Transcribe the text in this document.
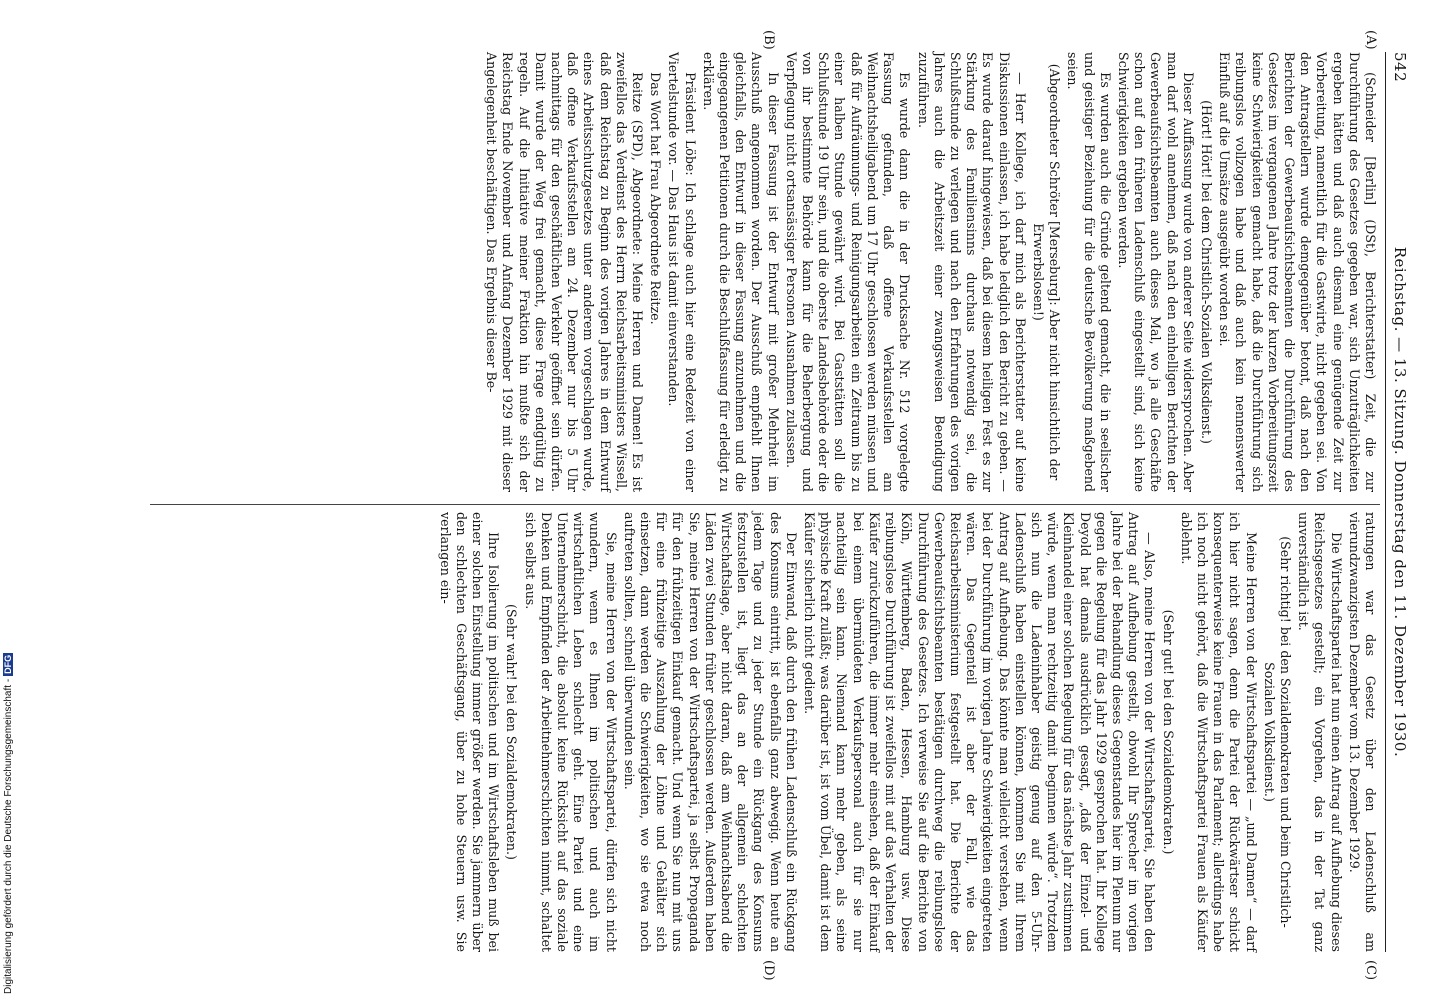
542
Reichstag. — 13. Sitzung. Donnerstag den 11. Dezember 1930.
(A)
(B)
(C)
(D)

(Schneider [Berlin] (DSt), Berichterstatter) Zeit, die zur Durchführung des Gesetzes gegeben war, sich Unzuträglichkeiten ergeben hätten und daß auch diesmal eine genügende Zeit zur Vorbereitung, namentlich für die Gastwirte, nicht gegeben sei. Von den Antragstellern wurde demgegenüber betont, daß nach den Berichten der Gewerbeaufsichtsbeamten die Durchführung des Gesetzes im vergangenen Jahre trotz der kurzen Vorbereitungszeit keine Schwierigkeiten gemacht habe, daß die Durchführung sich reibungslos vollzogen habe und daß auch kein nennenswerter Einfluß auf die Umsätze ausgeübt worden sei.

(Hört! Hört! bei dem Christlich-Sozialen Volksdienst.)

Dieser Auffassung wurde von anderer Seite widersprochen. Aber man darf wohl annehmen, daß nach den einhelligen Berichten der Gewerbeaufsichtsbeamten auch dieses Mal, wo ja alle Geschäfte schon auf den früheren Ladenschluß eingestellt sind, sich keine Schwierigkeiten ergeben werden.

Es wurden auch die Gründe geltend gemacht, die in seelischer und geistiger Beziehung für die deutsche Bevölkerung maßgebend seien.

(Abgeordneter Schröter [Merseburg]: Aber nicht hinsichtlich der Erwerbslosen!)

— Herr Kollege, ich darf mich als Berichterstatter auf keine Diskussionen einlassen, ich habe lediglich den Bericht zu geben. — Es wurde darauf hingewiesen, daß bei diesem heiligen Fest es zur Stärkung des Familiensinns durchaus notwendig sei, die Schlußstunde zu verlegen und nach den Erfahrungen des vorigen Jahres auch die Arbeitszeit einer zwangsweisen Beendigung zuzuführen.

Es wurde dann die in der Drucksache Nr. 512 vorgelegte Fassung gefunden, daß offene Verkaufsstellen am Weihnachtsheiligabend um 17 Uhr geschlossen werden müssen und daß für Aufräumungs- und Reinigungsarbeiten ein Zeitraum bis zu einer halben Stunde gewährt wird. Bei Gaststätten soll die Schlußstunde 19 Uhr sein, und die oberste Landesbehörde oder die von ihr bestimmte Behörde kann für die Beherbergung und Verpflegung nicht ortsansässiger Personen Ausnahmen zulassen.

In dieser Fassung ist der Entwurf mit großer Mehrheit im Ausschuß angenommen worden. Der Ausschuß empfiehlt Ihnen gleichfalls, den Entwurf in dieser Fassung anzunehmen und die eingegangenen Petitionen durch die Beschlußfassung für erledigt zu erklären.

Präsident Löbe: Ich schlage auch hier eine Redezeit von einer Viertelstunde vor. — Das Haus ist damit einverstanden.

Das Wort hat Frau Abgeordnete Reitze.

Reitze (SPD), Abgeordnete: Meine Herren und Damen! Es ist zweifellos das Verdienst des Herrn Reichsarbeitsministers Wissell, daß dem Reichstag zu Beginn des vorigen Jahres in dem Entwurf eines Arbeitsschutzgesetzes unter anderem vorgeschlagen wurde, daß offene Verkaufsstellen am 24. Dezember nur bis 5 Uhr nachmittags für den geschäftlichen Verkehr geöffnet sein dürfen. Damit wurde der Weg frei gemacht, diese Frage endgültig zu regeln. Auf die Initiative meiner Fraktion hin mußte sich der Reichstag Ende November und Anfang Dezember 1929 mit dieser Angelegenheit beschäftigen. Das Ergebnis dieser Be-

ratungen war das Gesetz über den Ladenschluß am vierundzwanzigsten Dezember vom 13. Dezember 1929.

Die Wirtschaftspartei hat nun einen Antrag auf Aufhebung dieses Reichsgesetzes gestellt; ein Vorgehen, das in der Tat ganz unverständlich ist.

(Sehr richtig! bei den Sozialdemokraten und beim Christlich-Sozialen Volksdienst.)

Meine Herren von der Wirtschaftspartei — „und Damen“ — darf ich hier nicht sagen, denn die Partei der Rückwärtser schickt konsequenterweise keine Frauen in das Parlament; allerdings habe ich noch nicht gehört, daß die Wirtschaftspartei Frauen als Käufer ablehnt.

(Sehr gut! bei den Sozialdemokraten.)

— Also, meine Herren von der Wirtschaftspartei, Sie haben den Antrag auf Aufhebung gestellt, obwohl Ihr Sprecher im vorigen Jahre bei der Behandlung dieses Gegenstandes hier im Plenum nur gegen die Regelung für das Jahr 1929 gesprochen hat. Ihr Kollege Deyold hat damals ausdrücklich gesagt, „daß der Einzel- und Kleinhandel einer solchen Regelung für das nächste Jahr zustimmen würde, wenn man rechtzeitig damit beginnen würde“. Trotzdem sich nun die Ladeninhaber geistig genug auf den 5-Uhr-Ladenschluß haben einstellen können, kommen Sie mit Ihrem Antrag auf Aufhebung. Das könnte man vielleicht verstehen, wenn bei der Durchführung im vorigen Jahre Schwierigkeiten eingetreten wären. Das Gegenteil ist aber der Fall, wie das Reichsarbeitsministerium festgestellt hat. Die Berichte der Gewerbeaufsichtsbeamten bestätigen durchweg die reibungslose Durchführung des Gesetzes. Ich verweise Sie auf die Berichte von Köln, Württemberg, Baden, Hessen, Hamburg usw. Diese reibungslose Durchführung ist zweifellos mit auf das Verhalten der Käufer zurückzuführen, die immer mehr einsehen, daß der Einkauf bei einem übermüdeten Verkaufspersonal auch für sie nur nachteilig sein kann. Niemand kann mehr geben, als seine physische Kraft zuläßt; was darüber ist, ist vom Übel, damit ist dem Käufer sicherlich nicht gedient.

Der Einwand, daß durch den frühen Ladenschluß ein Rückgang des Konsums eintritt, ist ebenfalls ganz abwegig. Wenn heute an jedem Tage und zu jeder Stunde ein Rückgang des Konsums festzustellen ist, liegt das an der allgemein schlechten Wirtschaftslage, aber nicht daran, daß am Weihnachtsabend die Läden zwei Stunden früher geschlossen werden. Außerdem haben Sie, meine Herren von der Wirtschaftspartei, ja selbst Propaganda für den frühzeitigen Einkauf gemacht. Und wenn Sie nun mit uns für eine frühzeitige Auszahlung der Löhne und Gehälter sich einsetzen, dann werden die Schwierigkeiten, wo sie etwa noch auftreten sollten, schnell überwunden sein.

Sie, meine Herren von der Wirtschaftspartei, dürfen sich nicht wundern, wenn es Ihnen im politischen und auch im wirtschaftlichen Leben schlecht geht. Eine Partei und eine Unternehmerschicht, die absolut keine Rücksicht auf das soziale Denken und Empfinden der Arbeitnehmerschichten nimmt, schaltet sich selbst aus.

(Sehr wahr! bei den Sozialdemokraten.)

Ihre Isolierung im politischen und im Wirtschaftsleben muß bei einer solchen Einstellung immer größer werden. Sie jammern über den schlechten Geschäftsgang, über zu hohe Steuern usw. Sie verlangen ein-

Digitalisierung gefördert durch die Deutsche Forschungsgemeinschaft -DFG
